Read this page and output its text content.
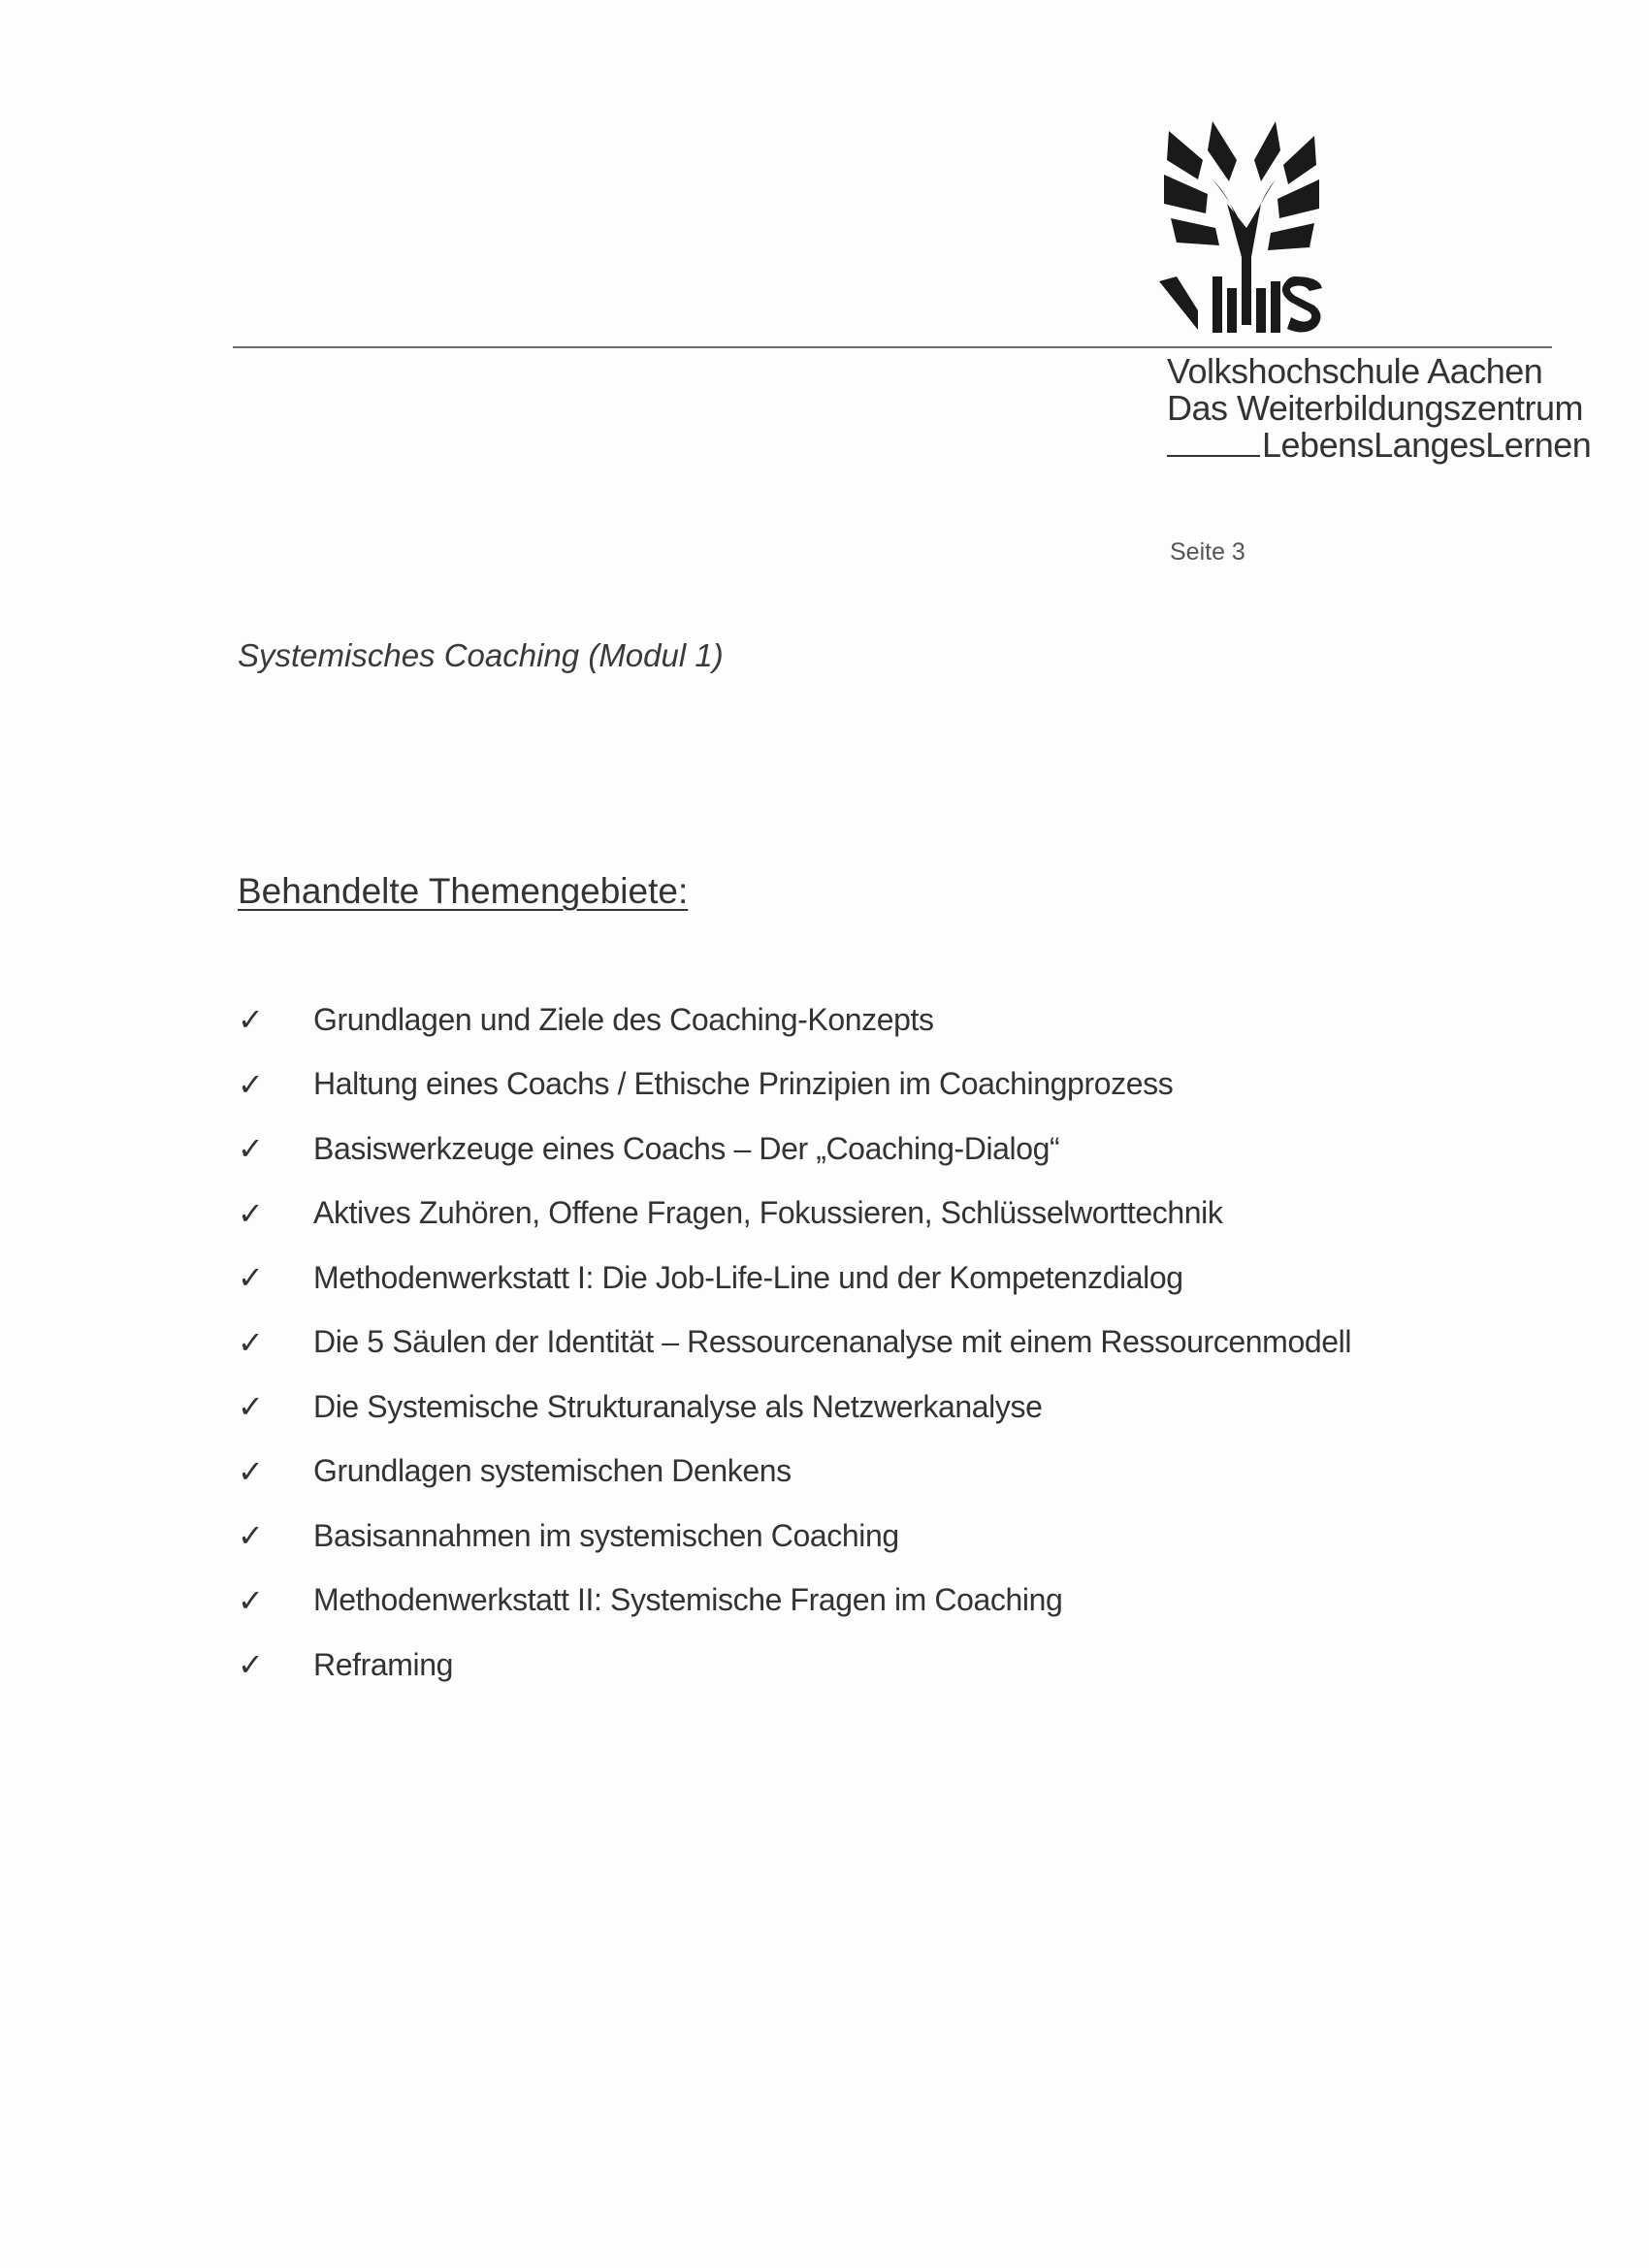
Volkshochschule Aachen
Das Weiterbildungszentrum
LebensLangesLernen
Seite 3
Systemisches Coaching (Modul 1)
Behandelte Themengebiete:
✓	Grundlagen und Ziele des Coaching-Konzepts
✓	Haltung eines Coachs / Ethische Prinzipien im Coachingprozess
✓	Basiswerkzeuge eines Coachs – Der „Coaching-Dialog“
✓	Aktives Zuhören, Offene Fragen, Fokussieren, Schlüsselworttechnik
✓	Methodenwerkstatt I: Die Job-Life-Line und der Kompetenzdialog
✓	Die 5 Säulen der Identität – Ressourcenanalyse mit einem Ressourcenmodell
✓	Die Systemische Strukturanalyse als Netzwerkanalyse
✓	Grundlagen systemischen Denkens
✓	Basisannahmen im systemischen Coaching
✓	Methodenwerkstatt II: Systemische Fragen im Coaching
✓	Reframing
